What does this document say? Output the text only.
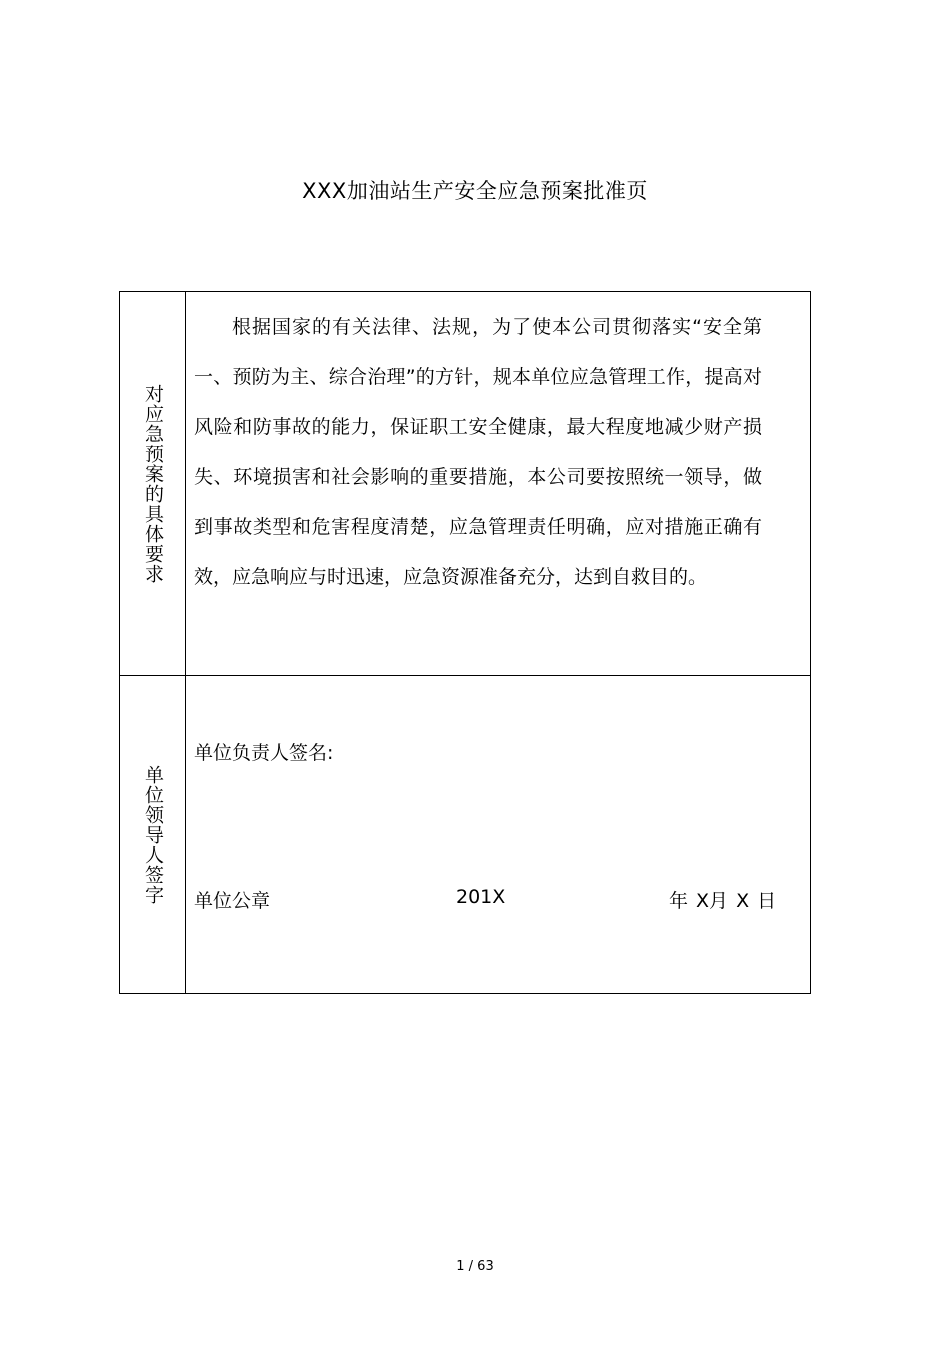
XXX加油站生产安全应急预案批准页
对应急预案的具体要求

根据国家的有关法律、法规，为了使本公司贯彻落实“安全第一、预防为主、综合治理”的方针，规本单位应急管理工作，提高对风险和防事故的能力，保证职工安全健康，最大程度地减少财产损失、环境损害和社会影响的重要措施，本公司要按照统一领导，做到事故类型和危害程度清楚，应急管理责任明确，应对措施正确有效，应急响应与时迅速，应急资源准备充分，达到自救目的。

单位领导人签字
单位负责人签名:
单位公章	201X	年 X月 X 日
1 / 63
